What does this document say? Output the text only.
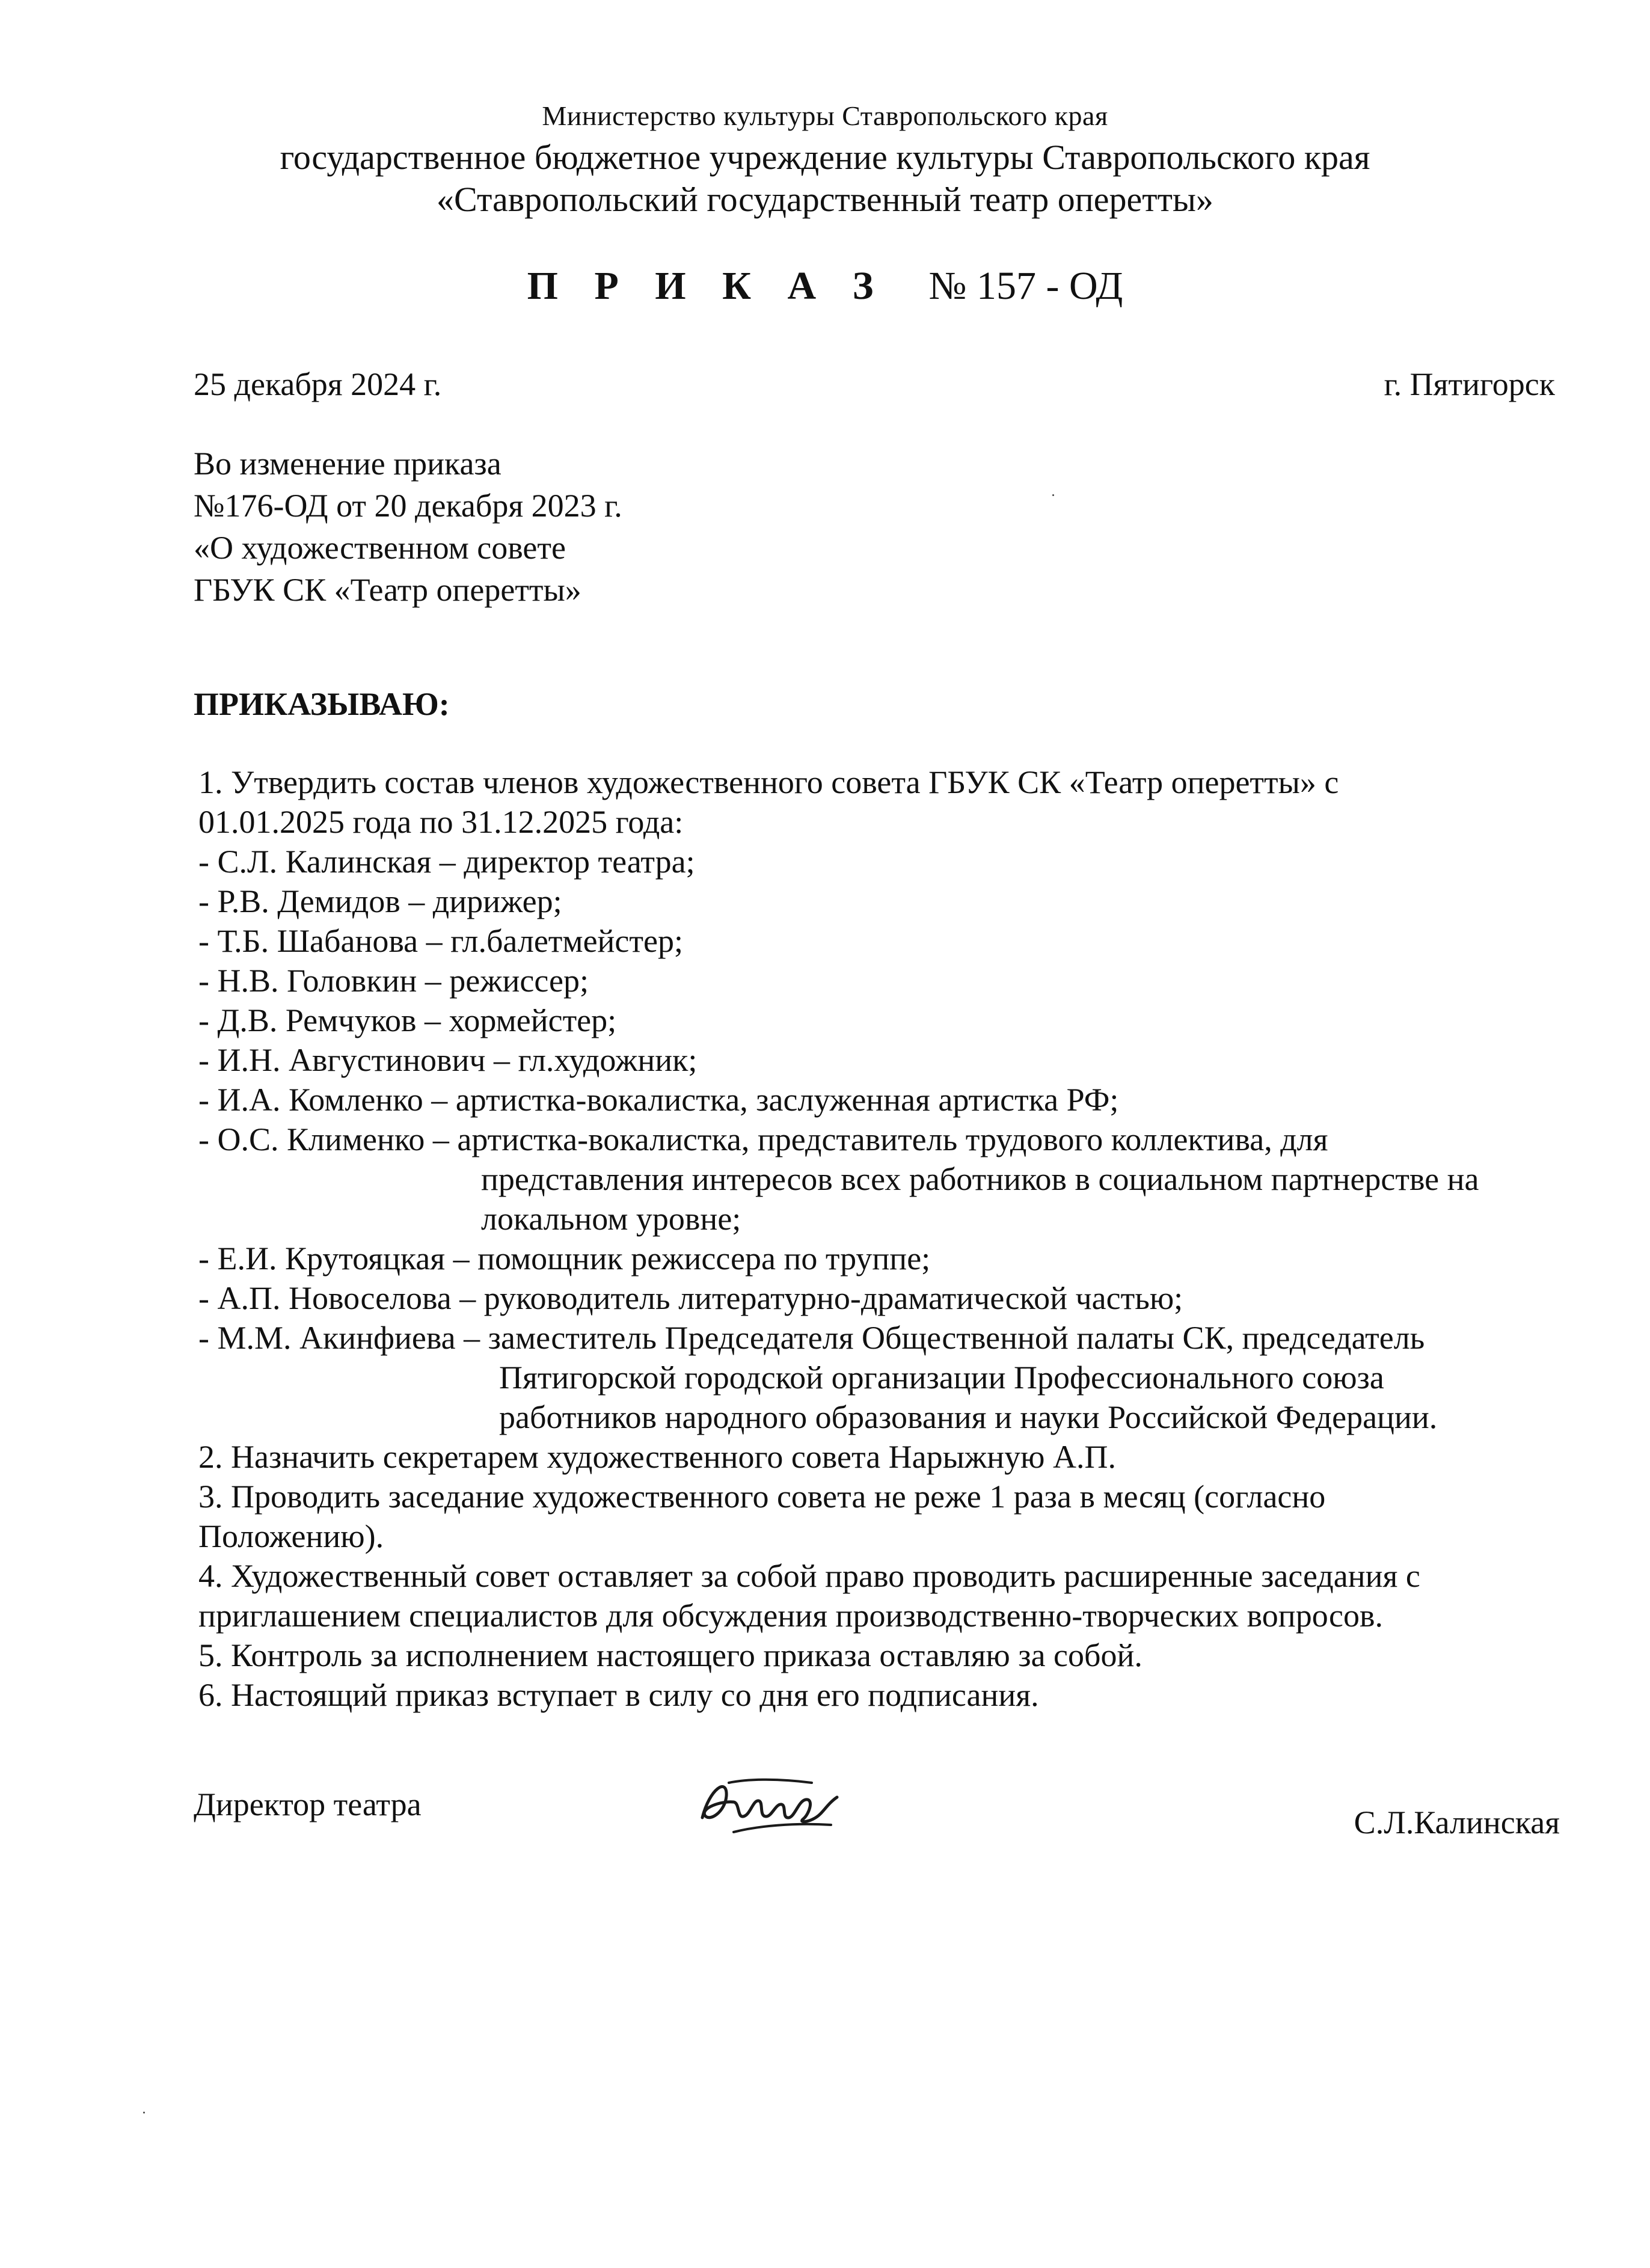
Министерство культуры Ставропольского края
государственное бюджетное учреждение культуры Ставропольского края
«Ставропольский государственный театр оперетты»
П Р И К А З № 157 - ОД
25 декабря 2024 г.	г. Пятигорск
Во изменение приказа
№176-ОД от 20 декабря 2023 г.
«О художественном совете
ГБУК СК «Театр оперетты»
ПРИКАЗЫВАЮ:
1. Утвердить состав членов художественного совета ГБУК СК «Театр оперетты» с
01.01.2025 года по 31.12.2025 года:
- С.Л. Калинская – директор театра;
- Р.В. Демидов – дирижер;
- Т.Б. Шабанова – гл.балетмейстер;
- Н.В. Головкин – режиссер;
- Д.В. Ремчуков – хормейстер;
- И.Н. Августинович – гл.художник;
- И.А. Комленко – артистка-вокалистка, заслуженная артистка РФ;
- О.С. Клименко – артистка-вокалистка, представитель трудового коллектива, для
представления интересов всех работников в социальном партнерстве на
локальном уровне;
- Е.И. Крутояцкая – помощник режиссера по труппе;
- А.П. Новоселова – руководитель литературно-драматической частью;
- М.М. Акинфиева – заместитель Председателя Общественной палаты СК, председатель
Пятигорской городской организации Профессионального союза
работников народного образования и науки Российской Федерации.
2. Назначить секретарем художественного совета Нарыжную А.П.
3. Проводить заседание художественного совета не реже 1 раза в месяц (согласно
Положению).
4. Художественный совет оставляет за собой право проводить расширенные заседания с
приглашением специалистов для обсуждения производственно-творческих вопросов.
5. Контроль за исполнением настоящего приказа оставляю за собой.
6. Настоящий приказ вступает в силу со дня его подписания.
Директор театра	С.Л.Калинская
